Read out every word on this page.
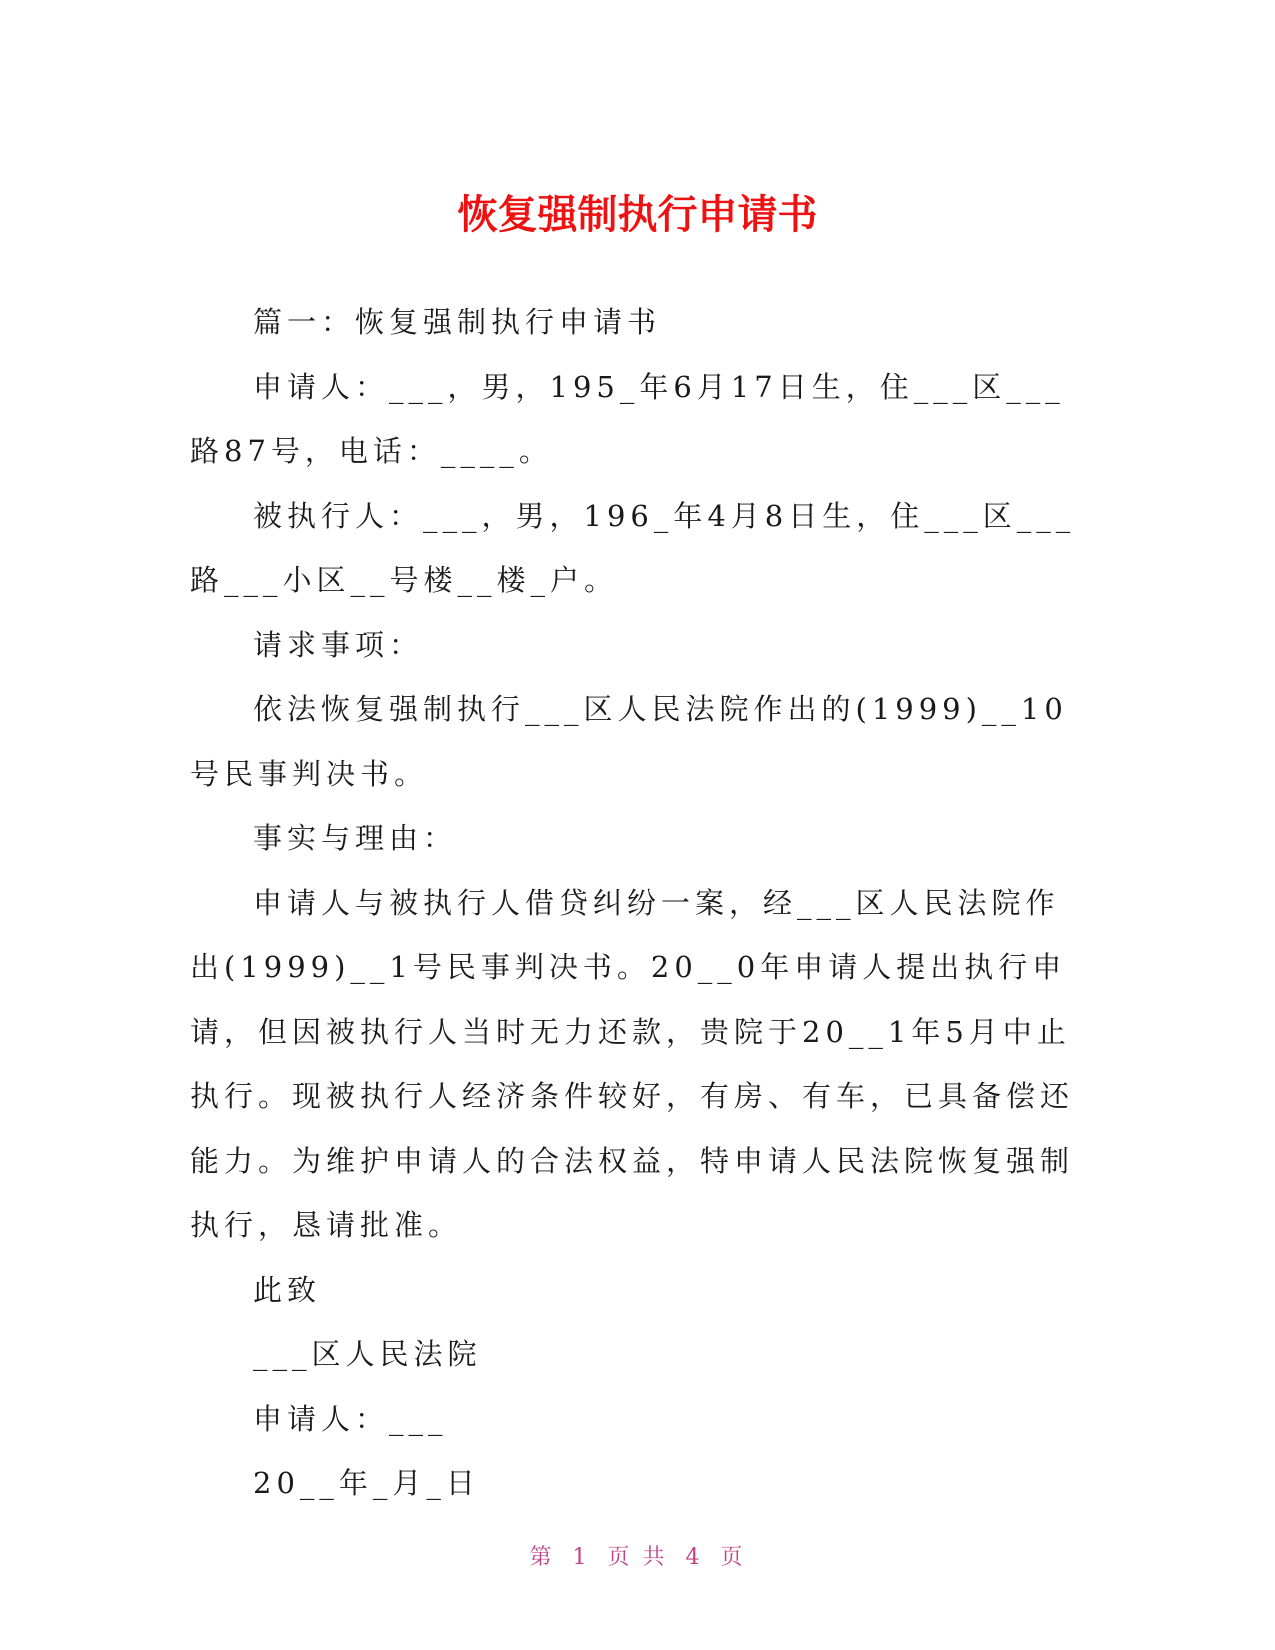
恢复强制执行申请书

篇一：恢复强制执行申请书

申请人：___，男，195_年6月17日生，住___区___路87号，电话：____。

被执行人：___，男，196_年4月8日生，住___区___路___小区__号楼__楼_户。

请求事项：

依法恢复强制执行___区人民法院作出的(1999)__10号民事判决书。

事实与理由：

申请人与被执行人借贷纠纷一案，经___区人民法院作出(1999)__1号民事判决书。20__0年申请人提出执行申请，但因被执行人当时无力还款，贵院于20__1年5月中止执行。现被执行人经济条件较好，有房、有车，已具备偿还能力。为维护申请人的合法权益，特申请人民法院恢复强制执行，恳请批准。

此致

___区人民法院

申请人：___

20__年_月_日

第 1 页 共 4 页
